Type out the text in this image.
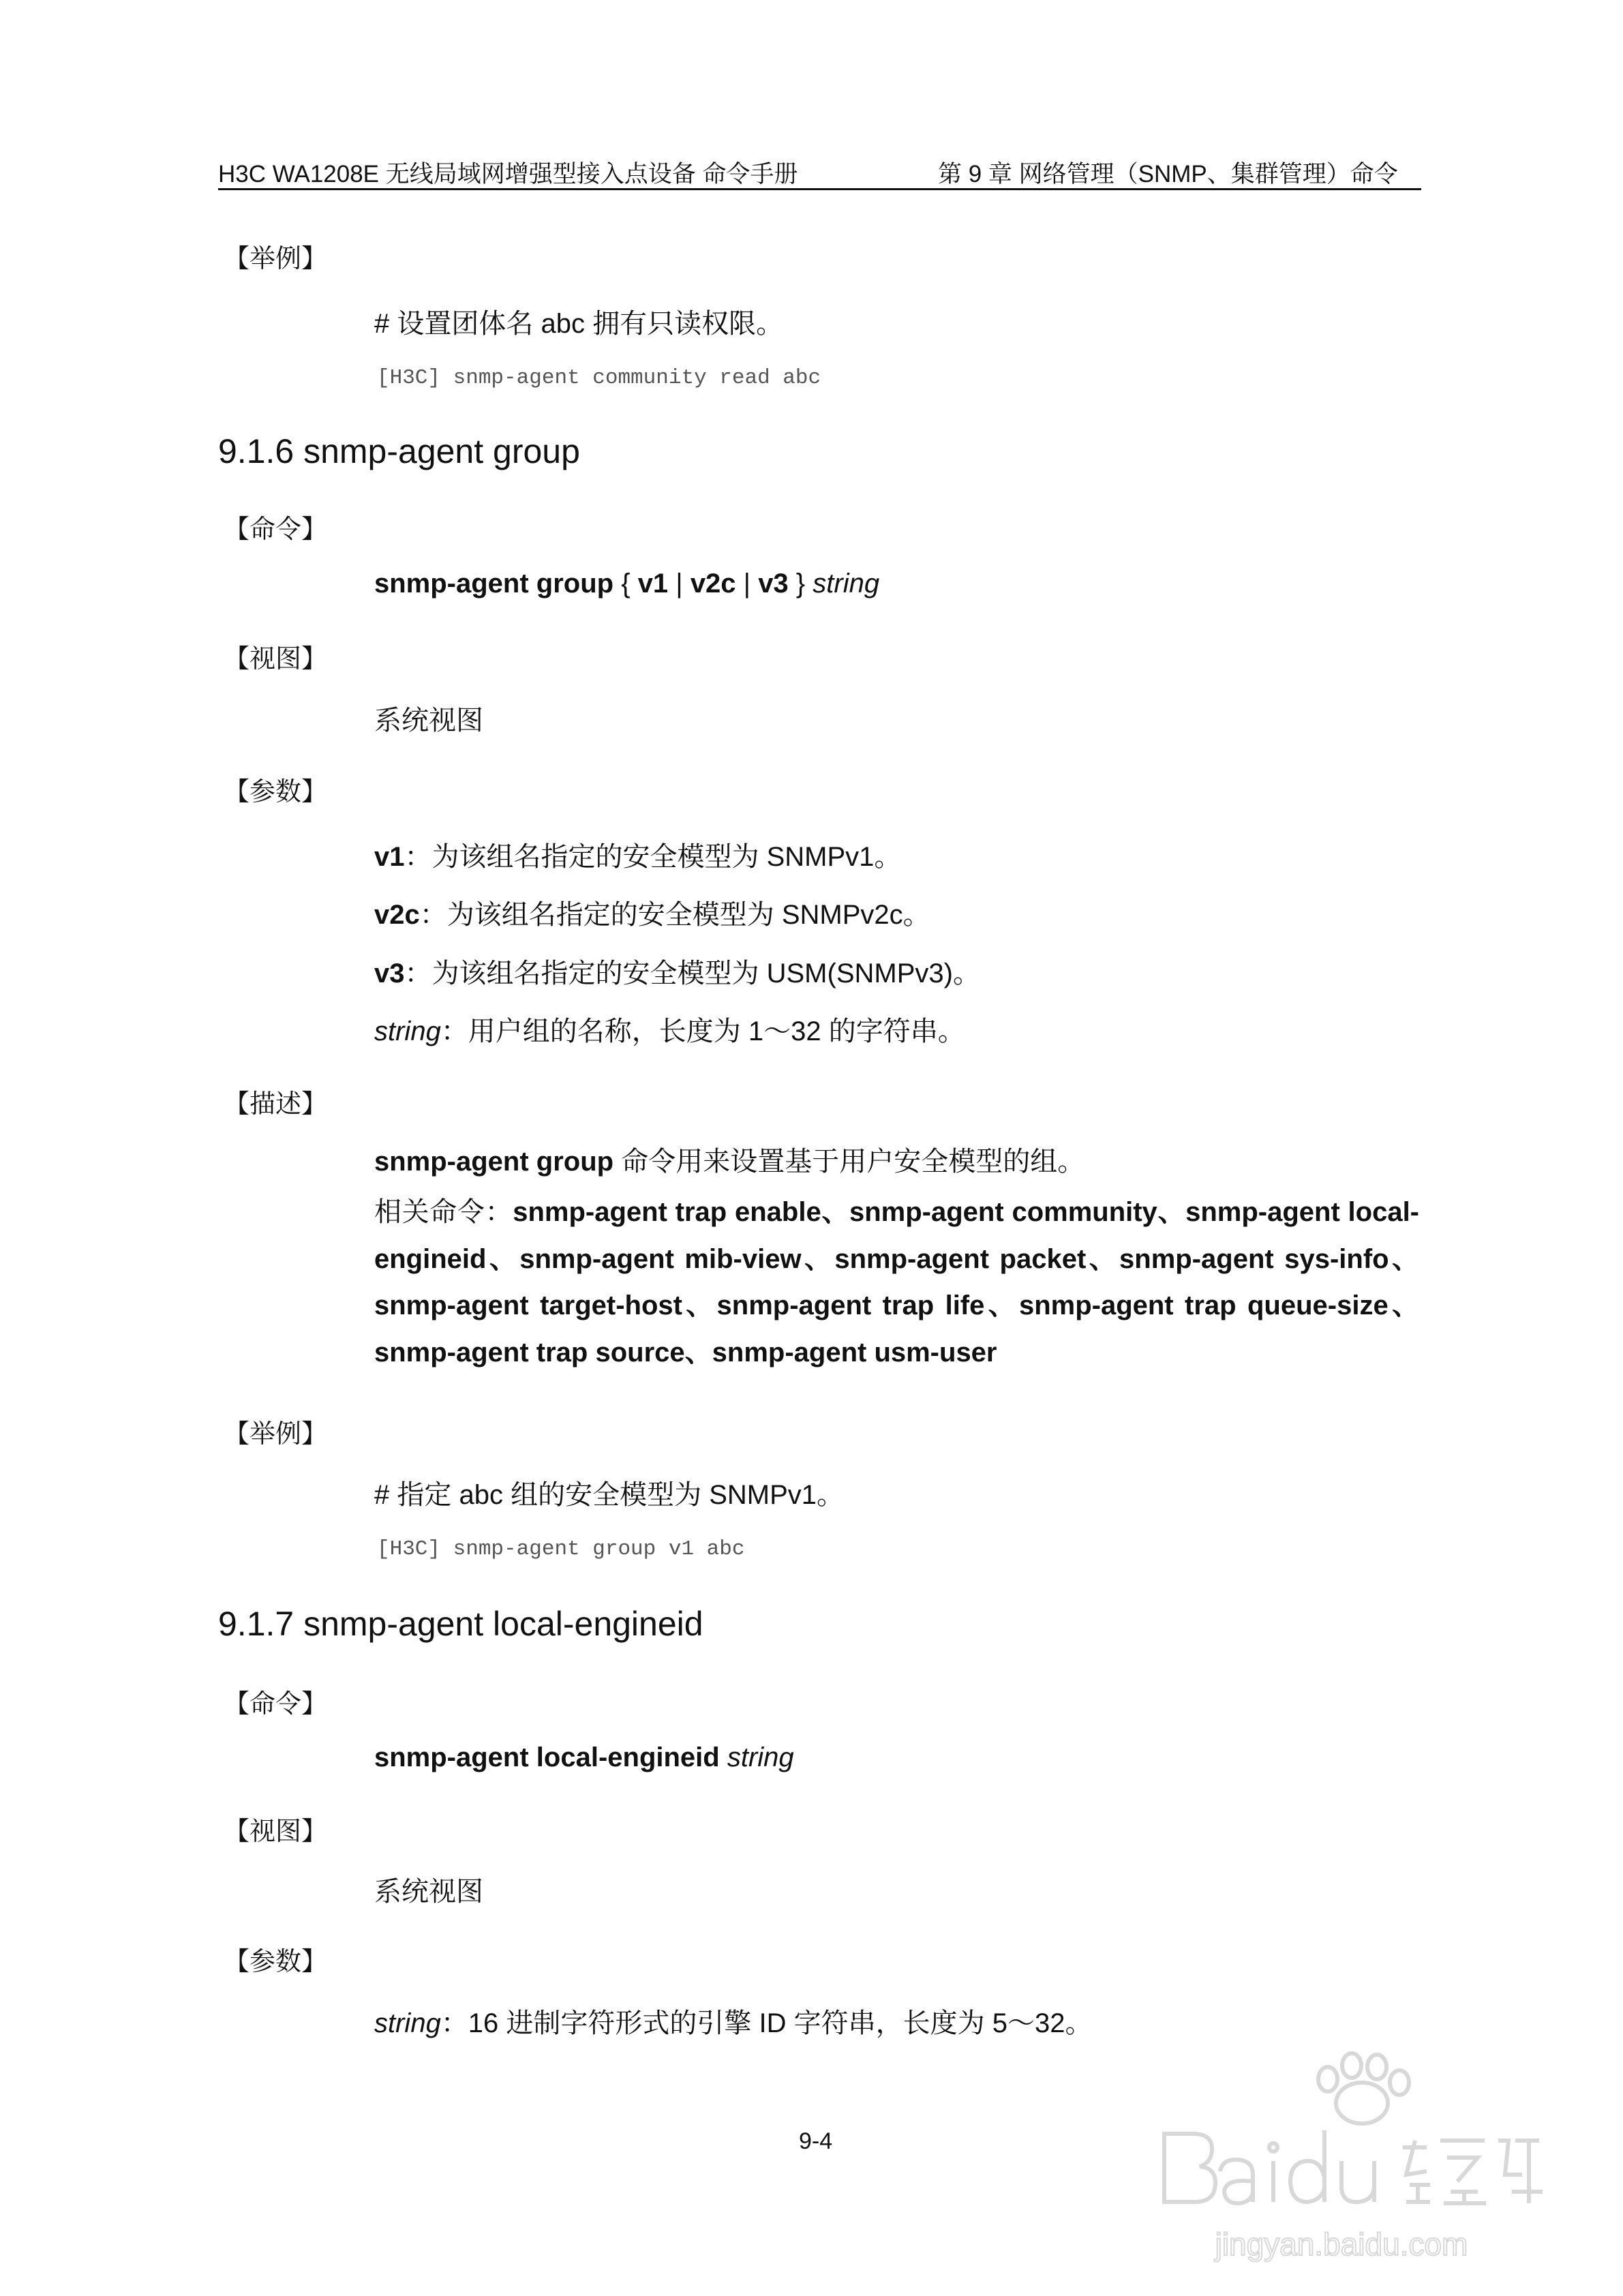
H3C WA1208E 无线局域网增强型接入点设备 命令手册	第 9 章 网络管理（SNMP、集群管理）命令
【举例】
# 设置团体名 abc 拥有只读权限。
[H3C] snmp-agent community read abc
9.1.6 snmp-agent group
【命令】
snmp-agent group { v1 | v2c | v3 } string
【视图】
系统视图
【参数】
v1：为该组名指定的安全模型为 SNMPv1。
v2c：为该组名指定的安全模型为 SNMPv2c。
v3：为该组名指定的安全模型为 USM(SNMPv3)。
string：用户组的名称，长度为 1～32 的字符串。
【描述】
snmp-agent group 命令用来设置基于用户安全模型的组。
相关命令：snmp-agent trap enable、snmp-agent community、snmp-agent local-engineid、snmp-agent mib-view、snmp-agent packet、snmp-agent sys-info、snmp-agent target-host、snmp-agent trap life、snmp-agent trap queue-size、snmp-agent trap source、snmp-agent usm-user
【举例】
# 指定 abc 组的安全模型为 SNMPv1。
[H3C] snmp-agent group v1 abc
9.1.7 snmp-agent local-engineid
【命令】
snmp-agent local-engineid string
【视图】
系统视图
【参数】
string：16 进制字符形式的引擎 ID 字符串，长度为 5～32。
9-4
jingyan.baidu.com
